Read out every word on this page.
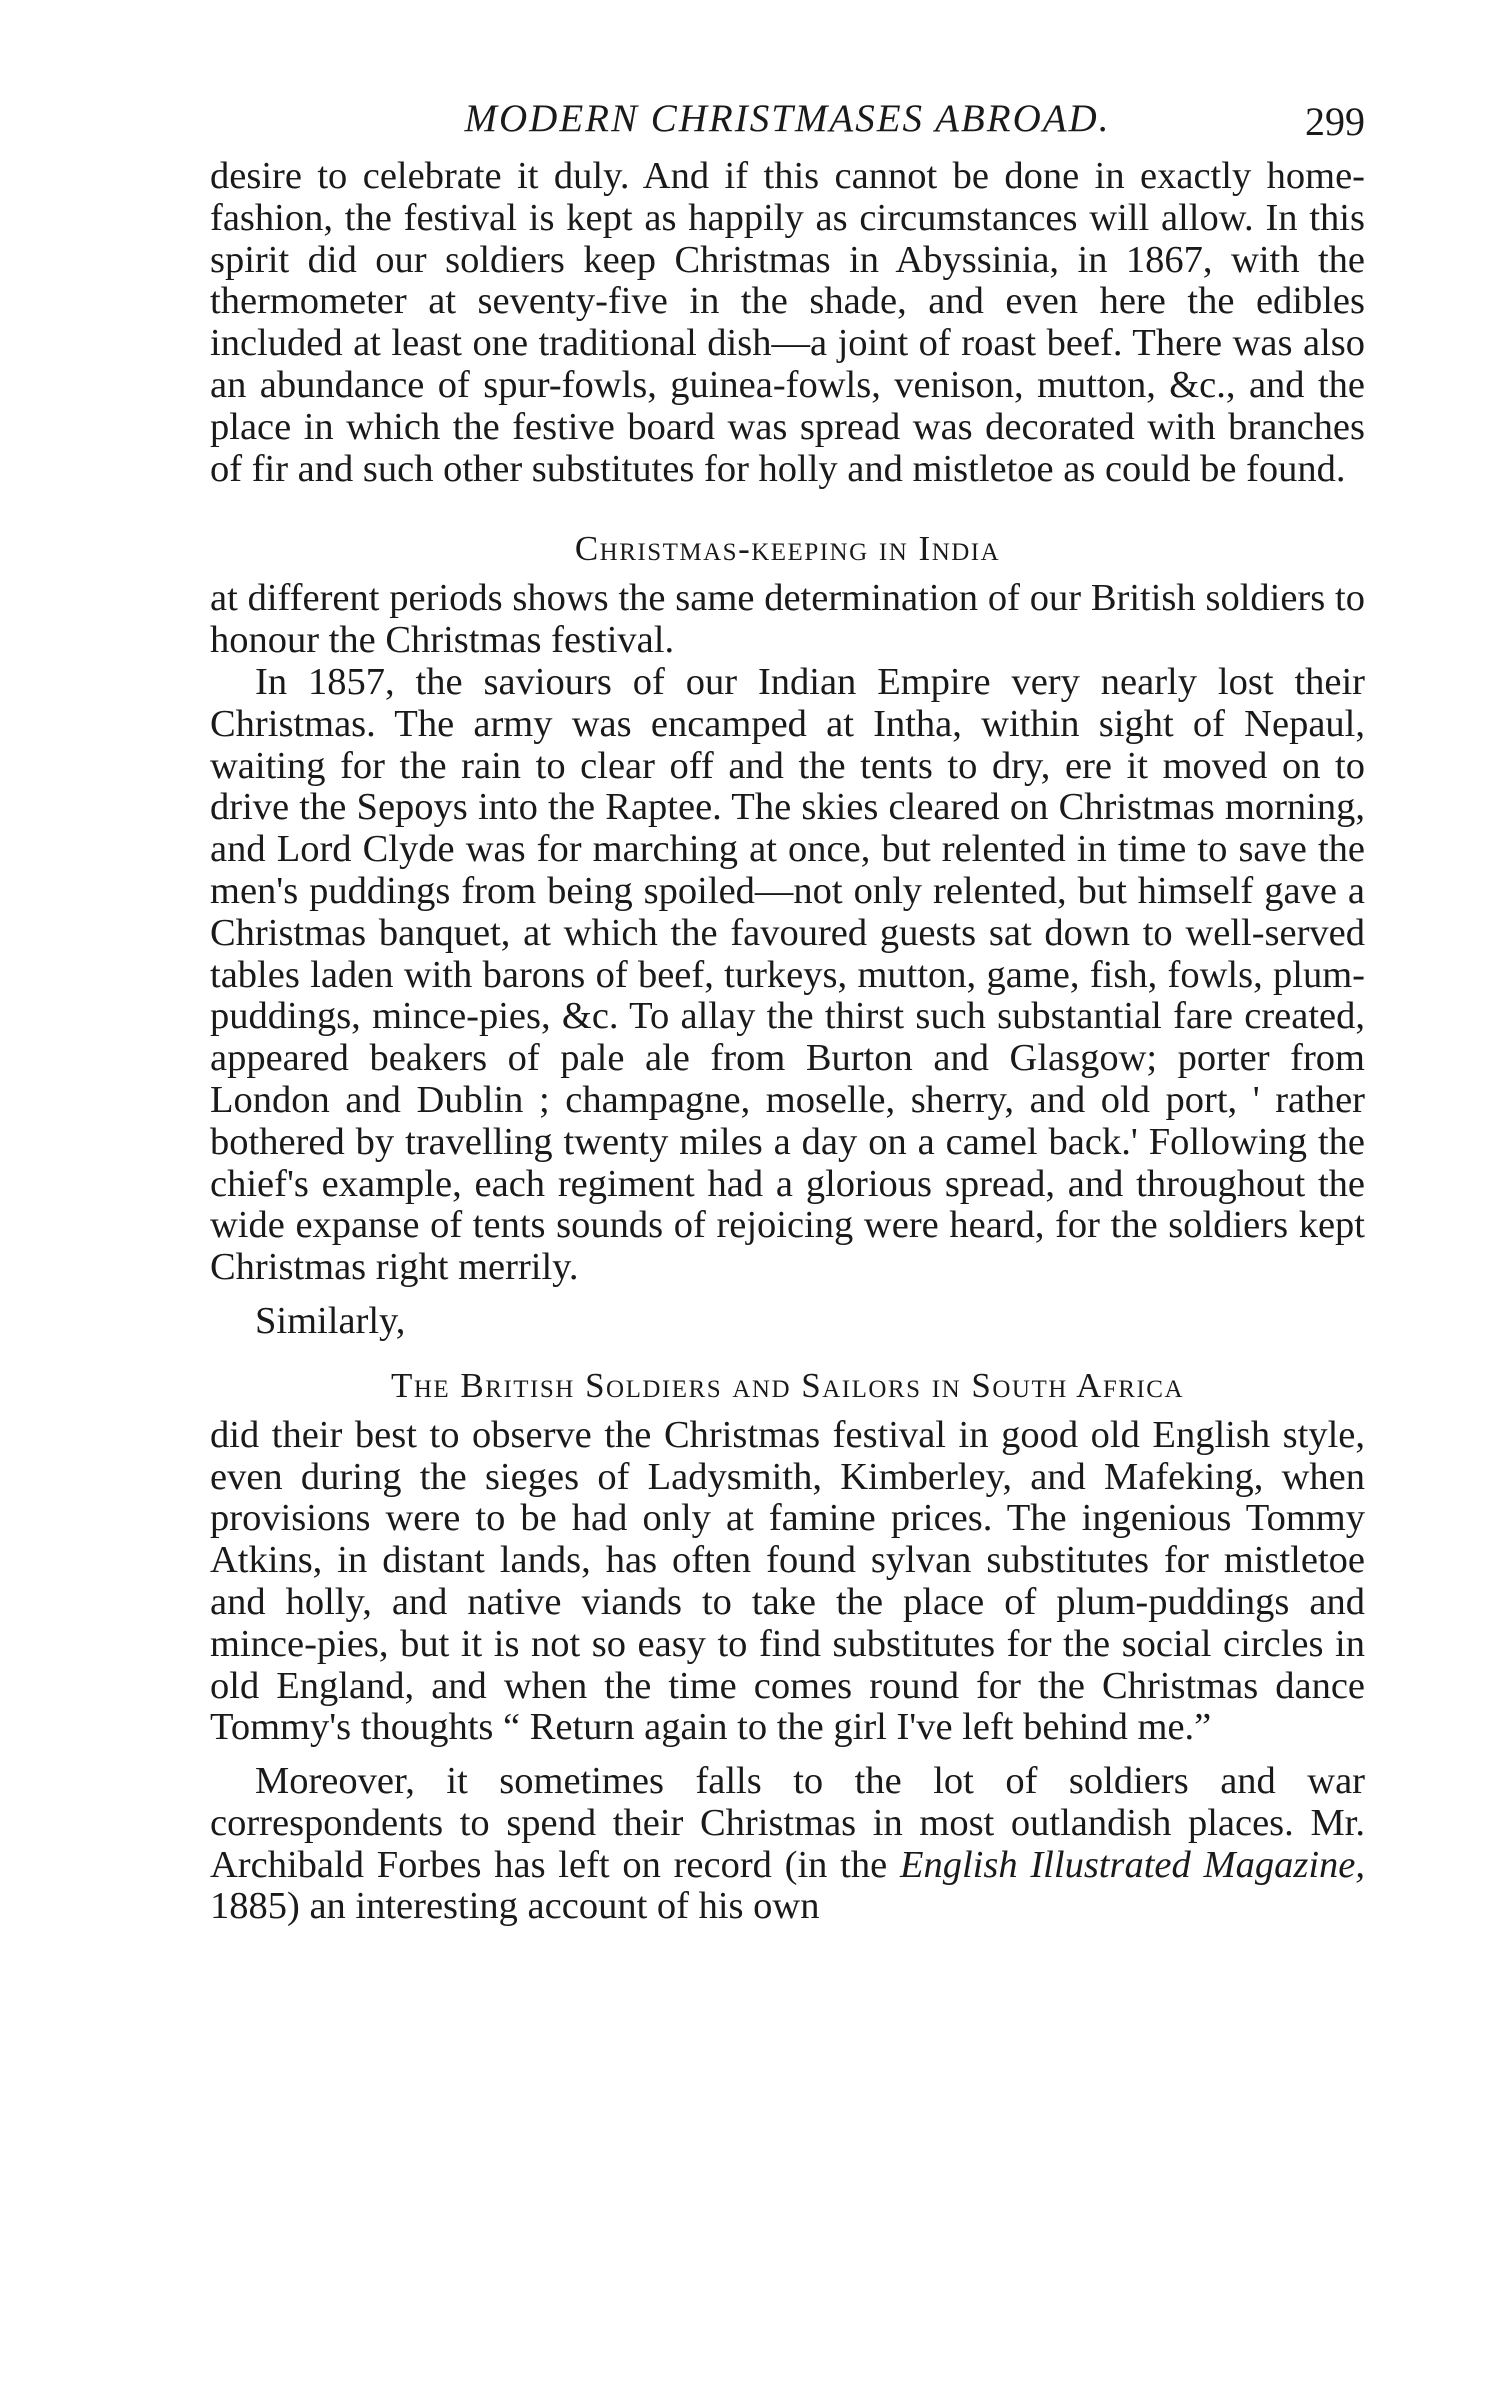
MODERN CHRISTMASES ABROAD.	299

desire to celebrate it duly. And if this cannot be done in exactly home-fashion, the festival is kept as happily as circumstances will allow. In this spirit did our soldiers keep Christmas in Abyssinia, in 1867, with the thermometer at seventy-five in the shade, and even here the edibles included at least one traditional dish—a joint of roast beef. There was also an abundance of spur-fowls, guinea-fowls, venison, mutton, &c., and the place in which the festive board was spread was decorated with branches of fir and such other substitutes for holly and mistletoe as could be found.

Christmas-keeping in India

at different periods shows the same determination of our British soldiers to honour the Christmas festival.

In 1857, the saviours of our Indian Empire very nearly lost their Christmas. The army was encamped at Intha, within sight of Nepaul, waiting for the rain to clear off and the tents to dry, ere it moved on to drive the Sepoys into the Raptee. The skies cleared on Christmas morning, and Lord Clyde was for marching at once, but relented in time to save the men's puddings from being spoiled—not only relented, but himself gave a Christmas banquet, at which the favoured guests sat down to well-served tables laden with barons of beef, turkeys, mutton, game, fish, fowls, plum-puddings, mince-pies, &c. To allay the thirst such substantial fare created, appeared beakers of pale ale from Burton and Glasgow; porter from London and Dublin ; champagne, moselle, sherry, and old port, ' rather bothered by travelling twenty miles a day on a camel back.' Following the chief's example, each regiment had a glorious spread, and throughout the wide expanse of tents sounds of rejoicing were heard, for the soldiers kept Christmas right merrily.

Similarly,

The British Soldiers and Sailors in South Africa

did their best to observe the Christmas festival in good old English style, even during the sieges of Ladysmith, Kimberley, and Mafeking, when provisions were to be had only at famine prices. The ingenious Tommy Atkins, in distant lands, has often found sylvan substitutes for mistletoe and holly, and native viands to take the place of plum-puddings and mince-pies, but it is not so easy to find substitutes for the social circles in old England, and when the time comes round for the Christmas dance Tommy's thoughts “ Return again to the girl I've left behind me.”

Moreover, it sometimes falls to the lot of soldiers and war correspondents to spend their Christmas in most outlandish places. Mr. Archibald Forbes has left on record (in the English Illustrated Magazine, 1885) an interesting account of his own
